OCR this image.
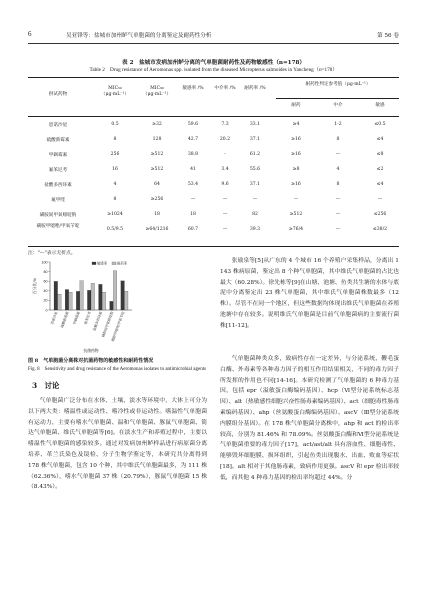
6	吴亚锋等：盐城市加州鲈气单胞菌的分离鉴定及耐药性分析	第 56 卷
表 2　盐城市发病加州鲈分离的气单胞菌耐药性及药物敏感性（n=178）
Table 2　Drug resistance of Aeromonas spp. isolated from the diseased Micropterus salmoides in Yancheng（n=178）
供试药物
MIC₅₀（μg·mL⁻¹）
MIC₉₀（μg·mL⁻¹）
敏感率 /%	中介率 /%	耐药率 /%
耐药性判定参考值（μg·mL⁻¹）
耐药	中介	敏感
恩诺沙星	0.5	≥32	59.6	7.3	33.1	≥4	1-2	≤0.5
硫酸新霉素	8	128	42.7	20.2	37.1	≥16	8	≤4
甲砜霉素	256	≥512	38.8	-	61.2	≥16	—	≤8
氟苯尼考	16	≥512	41	3.4	55.6	≥8	4	≤2
盐酸多西环素	4	64	53.4	9.6	37.1	≥16	8	≤4
氟甲喹	8	≥256	—	—	—	—	—	—
磺胺间甲氧嘧啶钠	≥1024	18	18	—	82	≥512	—	≤256
磺胺甲噁唑/甲氧苄啶
0.5/9.5	≥64/1216	60.7	—	39.3	≥76/4	—	≤38/2
注："—"表示无折点。
0
20
40
60
80
100
百分比/%
恩诺沙星 硫酸新霉素 甲砜霉素 氟苯尼考 盐酸多西环素
磺胺间甲氧嘧啶钠
磺胺甲噁唑/甲氧苄啶
抗菌药物
敏感率	耐药率
图 8　气单胞菌分离株对抗菌药物的敏感性和耐药性情况
Fig. 8　Sensitivity and drug resistance of the Aeromonas isolates to antimicrobial agents
3　讨论
气单胞菌广泛分布在水体、土壤、淡水等环境中，大体上可分为以下两大类：嗜温性或运动性、嗜冷性或非运动性。嗜温性气单胞菌有运动力，主要有嗜水气单胞菌、温和气单胞菌、豚鼠气单胞菌、简达气单胞菌、维氏气单胞菌等[6]。在淡水生产和养殖过程中，主要以嗜温性气单胞菌的感染较多。通过对发病加州鲈样品进行病原菌分离培养、革兰氏染色及镜检、分子生物学鉴定等，本研究共分离得到 178 株气单胞菌，包含 10 个种，其中维氏气单胞菌最多，为 111 株（62.36%），嗜水气单胞菌 37 株（20.79%），豚鼠气单胞菌 15 株（8.43%）。
张瑜泉等[5]从广东的 4 个城市 16 个养殖户采集样品，分离出 1 143 株病原菌，鉴定出 8 个种气单胞菌，其中维氏气单胞菌的占比也最大（60.28%）。徐先栋等[9]在山塘、池塘、鱼类共生塘的水体与底泥中分离鉴定出 23 株气单胞菌，其中维氏气单胞菌株数最多（12 株）。尽管不在同一个地区，但这些数据均体现出维氏气单胞菌在养殖池塘中存在较多。说明维氏气单胞菌是目前气单胞菌病的主要流行菌株[11-12]。
气单胞菌种类众多，致病性存在一定差异，与分泌系统、鞭毛蛋白酶、外毒素等各种毒力因子的相互作用结果相关，不同的毒力因子所发挥的作用也不同[14-16]。本研究检测了气单胞菌的 6 种毒力基因，包括 epr（溢敏蛋白酶编码基因）、hcp（Ⅵ型分泌系统标志基因）、alt（热敏感性细胞兴奋性肠毒素编码基因）、act（细胞毒性肠毒素编码基因）、ahp（丝氨酸蛋白酶编码基因）、ascV（Ⅲ型分泌系统内膜组分基因）。在 178 株气单胞菌分离株中，ahp 和 act 的检出率较高，分别为 81.46% 和 78.09%。丝氨酸蛋白酶和Ⅵ型分泌系统是气单胞菌重要的毒力因子[17]，act/ast/alt 具有溶血性、细胞毒性、能够毁坏细胞膜、损坏组织，引起鱼类出现腹水、出血、败血等症状[18]。alt 相对于其他肠毒素，致病作用更强。ascV 和 epr 检出率较低，而其他 4 种毒力基因的检出率均超过 44%。分
